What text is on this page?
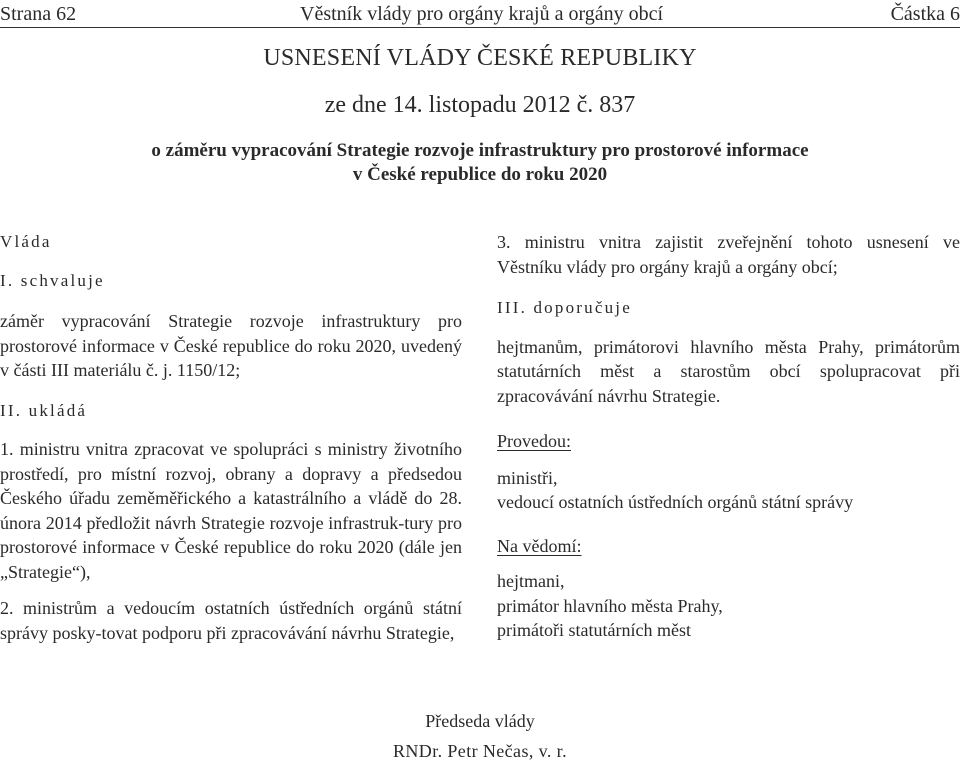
Strana 62	Věstník vlády pro orgány krajů a orgány obcí	Částka 6
USNESENÍ VLÁDY ČESKÉ REPUBLIKY
ze dne 14. listopadu 2012 č. 837
o záměru vypracování Strategie rozvoje infrastruktury pro prostorové informace
v České republice do roku 2020

Vláda

I. schvaluje

záměr vypracování Strategie rozvoje infrastruktury pro prostorové informace v České republice do roku 2020, uvedený v části III materiálu č. j. 1150/12;

II. ukládá

1. ministru vnitra zpracovat ve spolupráci s ministry životního prostředí, pro místní rozvoj, obrany a dopravy a předsedou Českého úřadu zeměměřického a katastrálního a vládě do 28. února 2014 předložit návrh Strategie rozvoje infrastruk-tury pro prostorové informace v České republice do roku 2020 (dále jen „Strategie“),

2. ministrům a vedoucím ostatních ústředních orgánů státní správy posky-tovat podporu při zpracovávání návrhu Strategie,

3. ministru vnitra zajistit zveřejnění tohoto usnesení ve Věstníku vlády pro orgány krajů a orgány obcí;

III. doporučuje

hejtmanům, primátorovi hlavního města Prahy, primátorům statutárních měst a starostům obcí spolupracovat při zpracovávání návrhu Strategie.

Provedou:

ministři,

vedoucí ostatních ústředních orgánů státní správy

Na vědomí:

hejtmani,

primátor hlavního města Prahy,

primátoři statutárních měst

Předseda vlády
RNDr. Petr Nečas, v. r.
